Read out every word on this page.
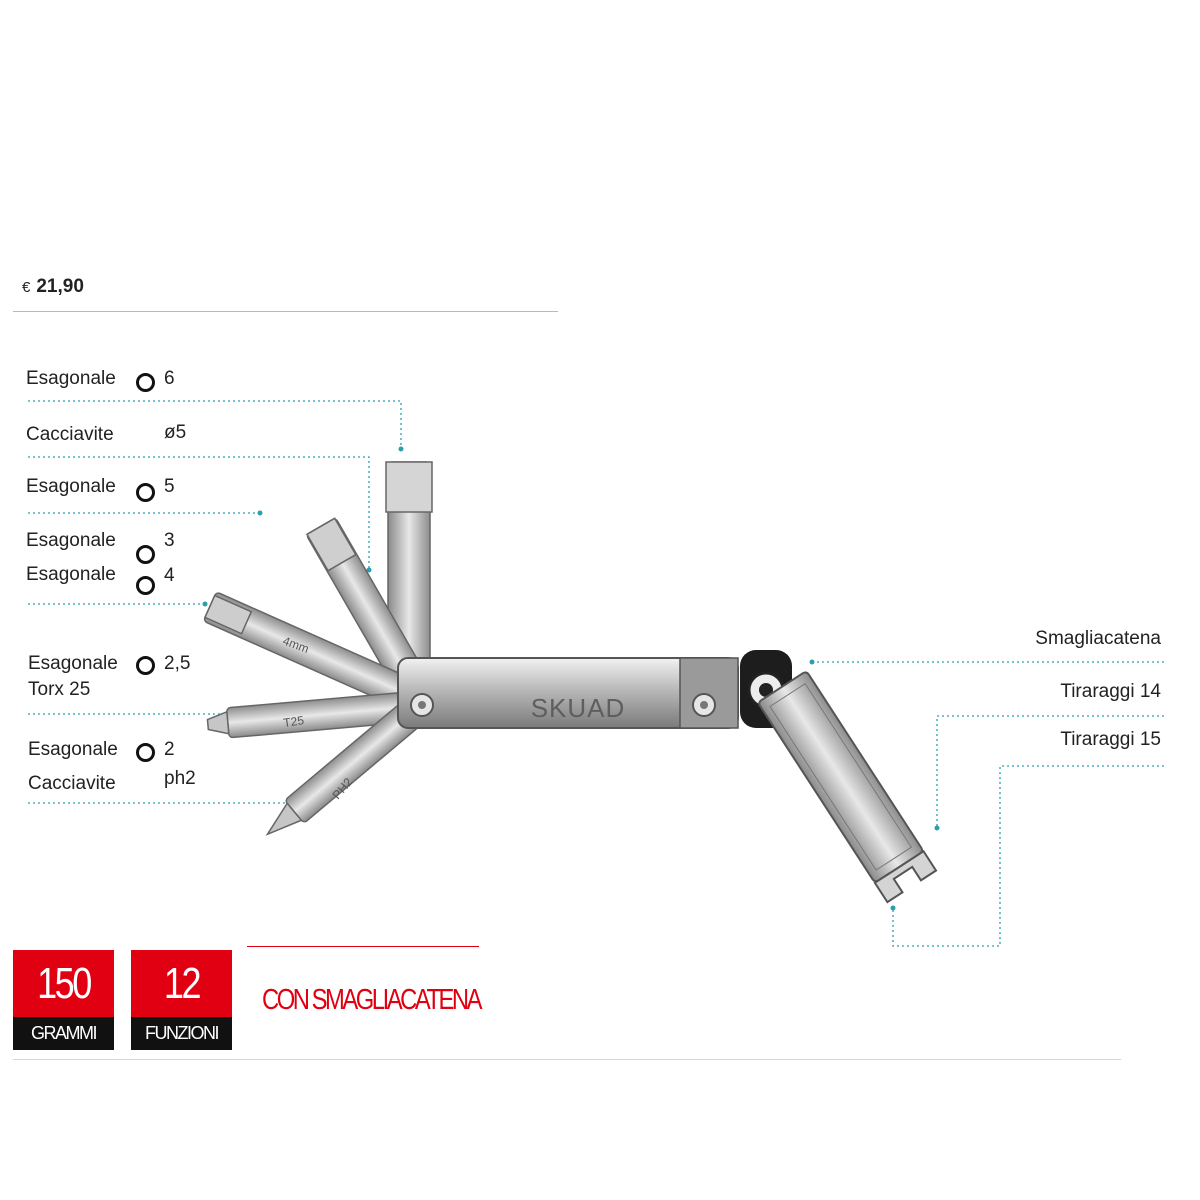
€ 21,90
Esagonale	6
Cacciavite	ø5
Esagonale	5
Esagonale	3
Esagonale	4
Esagonale 2,5
Torx 25
Esagonale 2
Cacciavite	ph2
Smagliacatena
Tiraraggi 14
Tiraraggi 15
4mm
T25
PH2
SKUAD
150
GRAMMI
12
FUNZIONI
CON SMAGLIACATENA
